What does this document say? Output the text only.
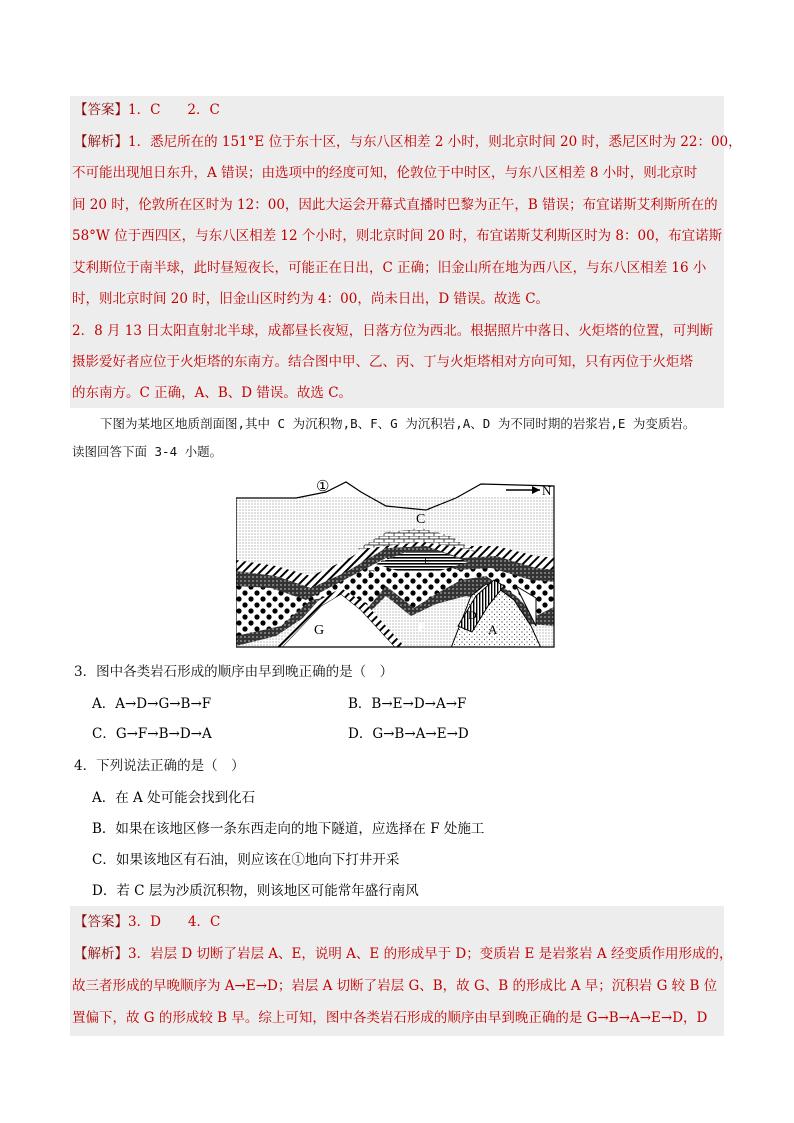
【答案】1．C　　2．C
【解析】1．悉尼所在的 151°E 位于东十区，与东八区相差 2 小时，则北京时间 20 时，悉尼区时为 22：00，
不可能出现旭日东升，A 错误；由选项中的经度可知，伦敦位于中时区，与东八区相差 8 小时，则北京时
间 20 时，伦敦所在区时为 12：00，因此大运会开幕式直播时巴黎为正午，B 错误；布宜诺斯艾利斯所在的
58°W 位于西四区，与东八区相差 12 个小时，则北京时间 20 时，布宜诺斯艾利斯区时为 8：00，布宜诺斯
艾利斯位于南半球，此时昼短夜长，可能正在日出，C 正确；旧金山所在地为西八区，与东八区相差 16 小
时，则北京时间 20 时，旧金山区时约为 4：00，尚未日出，D 错误。故选 C。
2．8 月 13 日太阳直射北半球，成都昼长夜短，日落方位为西北。根据照片中落日、火炬塔的位置，可判断
摄影爱好者应位于火炬塔的东南方。结合图中甲、乙、丙、丁与火炬塔相对方向可知，只有丙位于火炬塔
的东南方。C 正确，A、B、D 错误。故选 C。
下图为某地区地质剖面图,其中 C 为沉积物,B、F、G 为沉积岩,A、D 为不同时期的岩浆岩,E 为变质岩。
读图回答下面 3-4 小题。
①	N
C
E
F
G	B
D
A
3．图中各类岩石形成的顺序由早到晚正确的是（　）
A．A→D→G→B→F	B．B→E→D→A→F
C．G→F→B→D→A	D．G→B→A→E→D
4．下列说法正确的是（　）
A．在 A 处可能会找到化石
B．如果在该地区修一条东西走向的地下隧道，应选择在 F 处施工
C．如果该地区有石油，则应该在①地向下打井开采
D．若 C 层为沙质沉积物，则该地区可能常年盛行南风
【答案】3．D　　4．C
【解析】3．岩层 D 切断了岩层 A、E，说明 A、E 的形成早于 D；变质岩 E 是岩浆岩 A 经变质作用形成的，
故三者形成的早晚顺序为 A→E→D；岩层 A 切断了岩层 G、B，故 G、B 的形成比 A 早；沉积岩 G 较 B 位
置偏下，故 G 的形成较 B 早。综上可知，图中各类岩石形成的顺序由早到晚正确的是 G→B→A→E→D，D
